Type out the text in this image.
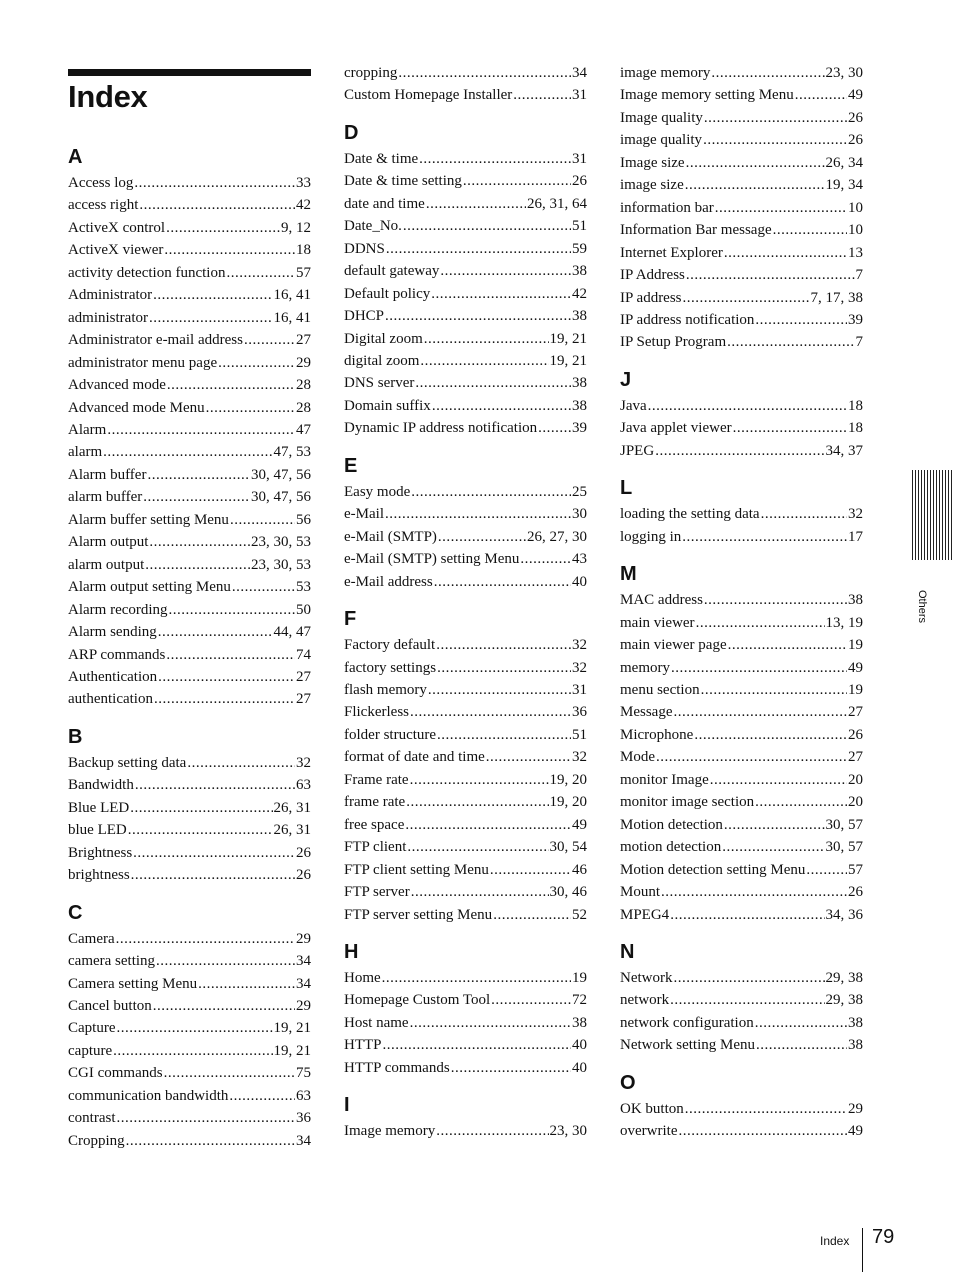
Index
A
Access log .....	33
access right .....	42
ActiveX control .....	9, 12
ActiveX viewer .....	18
activity detection function .....	57
Administrator .....	16, 41
administrator .....	16, 41
Administrator e-mail address .....	27
administrator menu page .....	29
Advanced mode .....	28
Advanced mode Menu .....	28
Alarm .....	47
alarm .....	47, 53
Alarm buffer .....	30, 47, 56
alarm buffer .....	30, 47, 56
Alarm buffer setting Menu .....	56
Alarm output .....	23, 30, 53
alarm output .....	23, 30, 53
Alarm output setting Menu .....	53
Alarm recording .....	50
Alarm sending .....	44, 47
ARP commands .....	74
Authentication .....	27
authentication .....	27
B
Backup setting data .....	32
Bandwidth .....	63
Blue LED .....	26, 31
blue LED .....	26, 31
Brightness .....	26
brightness .....	26
C
Camera .....	29
camera setting .....	34
Camera setting Menu .....	34
Cancel button .....	29
Capture .....	19, 21
capture .....	19, 21
CGI commands .....	75
communication bandwidth .....	63
contrast .....	36
Cropping .....	34
cropping .....	34
Custom Homepage Installer .....	31
D
Date & time .....	31
Date & time setting .....	26
date and time .....	26, 31, 64
Date_No. .....	51
DDNS .....	59
default gateway .....	38
Default policy .....	42
DHCP .....	38
Digital zoom .....	19, 21
digital zoom .....	19, 21
DNS server .....	38
Domain suffix .....	38
Dynamic IP address notification ..... 39
E
Easy mode .....	25
e-Mail .....	30
e-Mail (SMTP) .....	26, 27, 30
e-Mail (SMTP) setting Menu .....	43
e-Mail address .....	40
F
Factory default .....	32
factory settings .....	32
flash memory .....	31
Flickerless .....	36
folder structure .....	51
format of date and time .....	32
Frame rate .....	19, 20
frame rate .....	19, 20
free space .....	49
FTP client .....	30, 54
FTP client setting Menu .....	46
FTP server .....	30, 46
FTP server setting Menu .....	52
H
Home .....	19
Homepage Custom Tool .....	72
Host name .....	38
HTTP .....	40
HTTP commands .....	40
I
Image memory .....	23, 30
image memory .....	23, 30
Image memory setting Menu .....	49
Image quality .....	26
image quality .....	26
Image size .....	26, 34
image size .....	19, 34
information bar .....	10
Information Bar message .....	10
Internet Explorer .....	13
IP Address .....	7
IP address .....	7, 17, 38
IP address notification .....	39
IP Setup Program .....	7
J
Java .....	18
Java applet viewer .....	18
JPEG .....	34, 37
L
loading the setting data .....	32
logging in .....	17
M
MAC address .....	38
main viewer .....	13, 19
main viewer page .....	19
memory .....	49
menu section .....	19
Message .....	27
Microphone .....	26
Mode .....	27
monitor Image .....	20
monitor image section .....	20
Motion detection .....	30, 57
motion detection .....	30, 57
Motion detection setting Menu .....	57
Mount .....	26
MPEG4 .....	34, 36
N
Network .....	29, 38
network .....	29, 38
network configuration .....	38
Network setting Menu .....	38
O
OK button .....	29
overwrite .....	49
Others
Index 79
